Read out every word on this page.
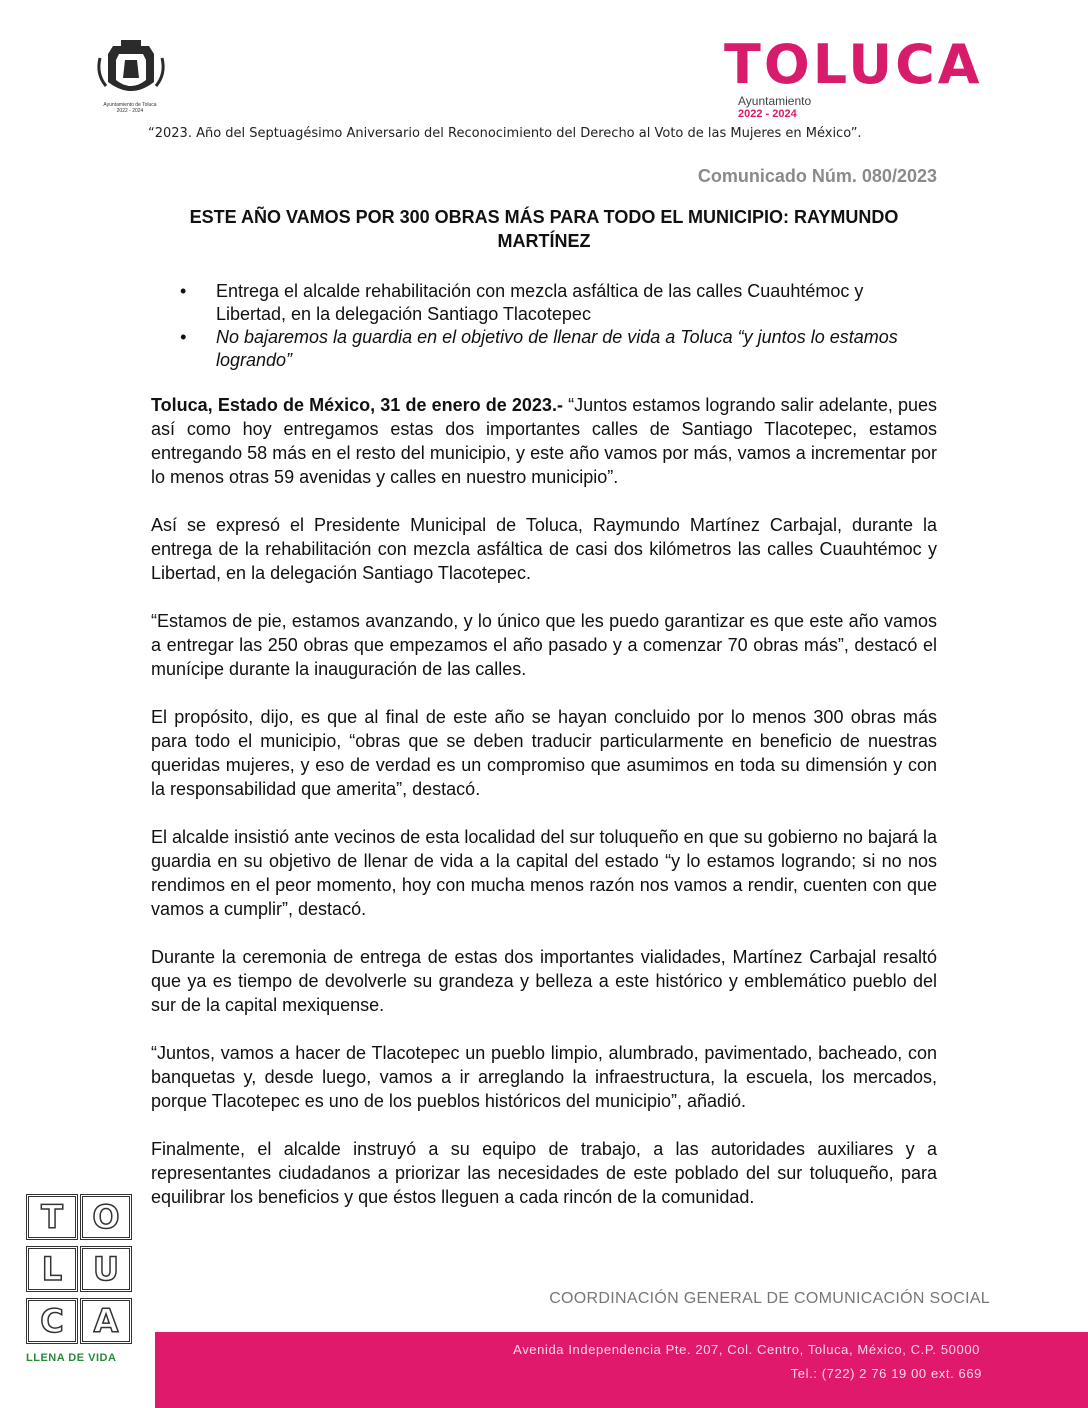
Ayuntamiento de Toluca
2022 - 2024
TOLUCA
Ayuntamiento
2022 - 2024
“2023. Año del Septuagésimo Aniversario del Reconocimiento del Derecho al Voto de las Mujeres en México”.
Comunicado Núm. 080/2023
ESTE AÑO VAMOS POR 300 OBRAS MÁS PARA TODO EL MUNICIPIO: RAYMUNDO MARTÍNEZ

• Entrega el alcalde rehabilitación con mezcla asfáltica de las calles Cuauhtémoc y Libertad, en la delegación Santiago Tlacotepec

• No bajaremos la guardia en el objetivo de llenar de vida a Toluca “y juntos lo estamos logrando”

Toluca, Estado de México, 31 de enero de 2023.- “Juntos estamos logrando salir adelante, pues así como hoy entregamos estas dos importantes calles de Santiago Tlacotepec, estamos entregando 58 más en el resto del municipio, y este año vamos por más, vamos a incrementar por lo menos otras 59 avenidas y calles en nuestro municipio”.

Así se expresó el Presidente Municipal de Toluca, Raymundo Martínez Carbajal, durante la entrega de la rehabilitación con mezcla asfáltica de casi dos kilómetros las calles Cuauhtémoc y Libertad, en la delegación Santiago Tlacotepec.

“Estamos de pie, estamos avanzando, y lo único que les puedo garantizar es que este año vamos a entregar las 250 obras que empezamos el año pasado y a comenzar 70 obras más”, destacó el munícipe durante la inauguración de las calles.

El propósito, dijo, es que al final de este año se hayan concluido por lo menos 300 obras más para todo el municipio, “obras que se deben traducir particularmente en beneficio de nuestras queridas mujeres, y eso de verdad es un compromiso que asumimos en toda su dimensión y con la responsabilidad que amerita”, destacó.

El alcalde insistió ante vecinos de esta localidad del sur toluqueño en que su gobierno no bajará la guardia en su objetivo de llenar de vida a la capital del estado “y lo estamos logrando; si no nos rendimos en el peor momento, hoy con mucha menos razón nos vamos a rendir, cuenten con que vamos a cumplir”, destacó.

Durante la ceremonia de entrega de estas dos importantes vialidades, Martínez Carbajal resaltó que ya es tiempo de devolverle su grandeza y belleza a este histórico y emblemático pueblo del sur de la capital mexiquense.

“Juntos, vamos a hacer de Tlacotepec un pueblo limpio, alumbrado, pavimentado, bacheado, con banquetas y, desde luego, vamos a ir arreglando la infraestructura, la escuela, los mercados, porque Tlacotepec es uno de los pueblos históricos del municipio”, añadió.

Finalmente, el alcalde instruyó a su equipo de trabajo, a las autoridades auxiliares y a representantes ciudadanos a priorizar las necesidades de este poblado del sur toluqueño, para equilibrar los beneficios y que éstos lleguen a cada rincón de la comunidad.

T O
L U
C A
LLENA DE VIDA
COORDINACIÓN GENERAL DE COMUNICACIÓN SOCIAL
Avenida Independencia Pte. 207, Col. Centro, Toluca, México, C.P. 50000
Tel.: (722) 2 76 19 00 ext. 669
